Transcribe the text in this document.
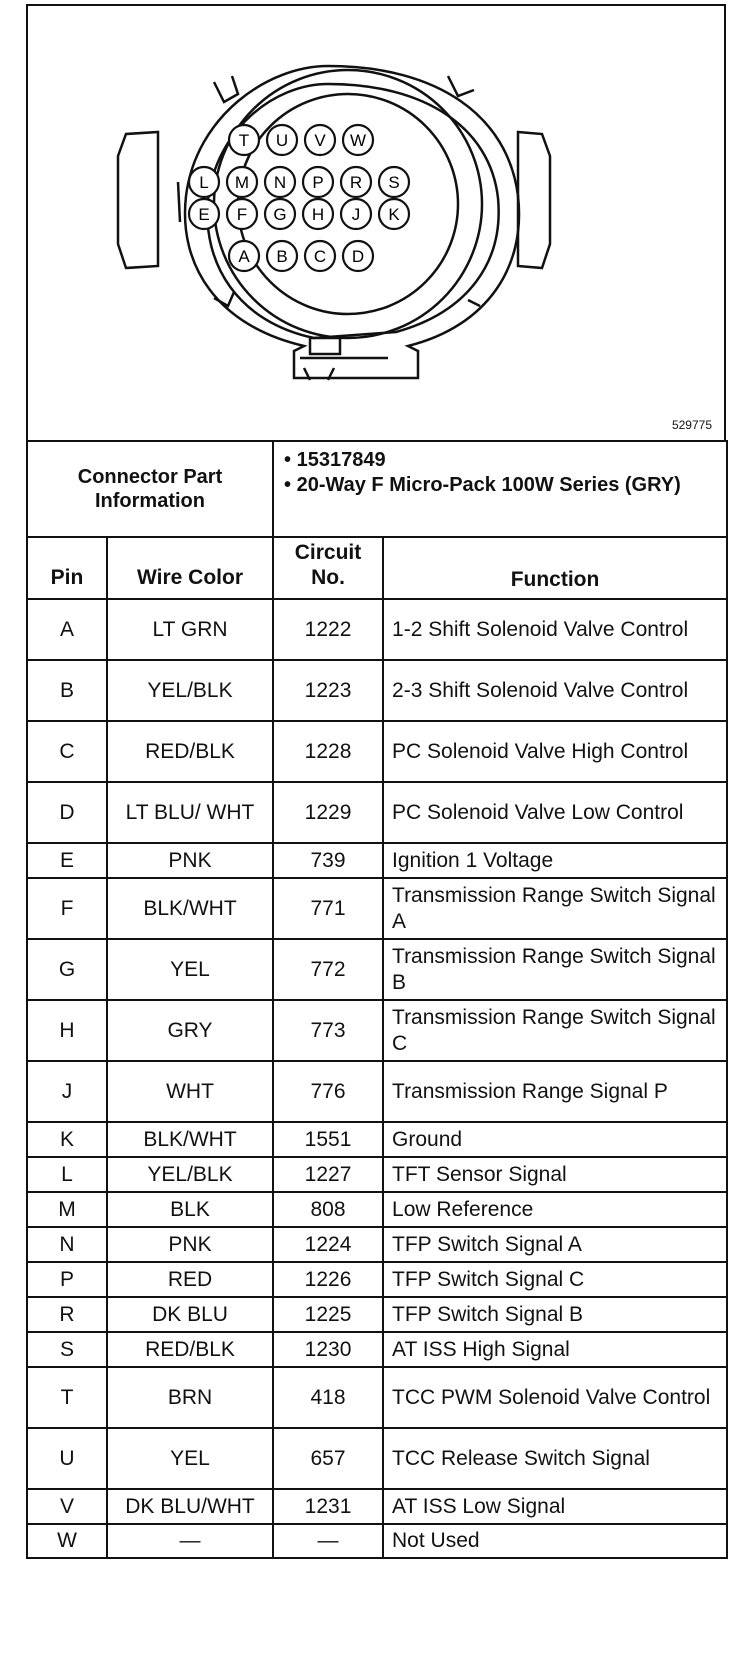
T U V W
L M N P R S
E F G H J K
A B C D
529775
Connector Part Information		• 15317849
• 20-Way F Micro-Pack 100W Series (GRY)	

Pin	Wire Color	Circuit No.	Function
A	LT GRN	1222	1-2 Shift Solenoid Valve Control
B	YEL/BLK	1223	2-3 Shift Solenoid Valve Control
C	RED/BLK	1228	PC Solenoid Valve High Control
D	LT BLU/ WHT	1229	PC Solenoid Valve Low Control
E	PNK	739	Ignition 1 Voltage
F	BLK/WHT	771	Transmission Range Switch Signal A
G	YEL	772	Transmission Range Switch Signal B
H	GRY	773	Transmission Range Switch Signal C
J	WHT	776	Transmission Range Signal P
K	BLK/WHT	1551	Ground
L	YEL/BLK	1227	TFT Sensor Signal
M	BLK	808	Low Reference
N	PNK	1224	TFP Switch Signal A
P	RED	1226	TFP Switch Signal C
R	DK BLU	1225	TFP Switch Signal B
S	RED/BLK	1230	AT ISS High Signal
T	BRN	418	TCC PWM Solenoid Valve Control
U	YEL	657	TCC Release Switch Signal
V	DK BLU/WHT	1231	AT ISS Low Signal
W	—	—	Not Used
